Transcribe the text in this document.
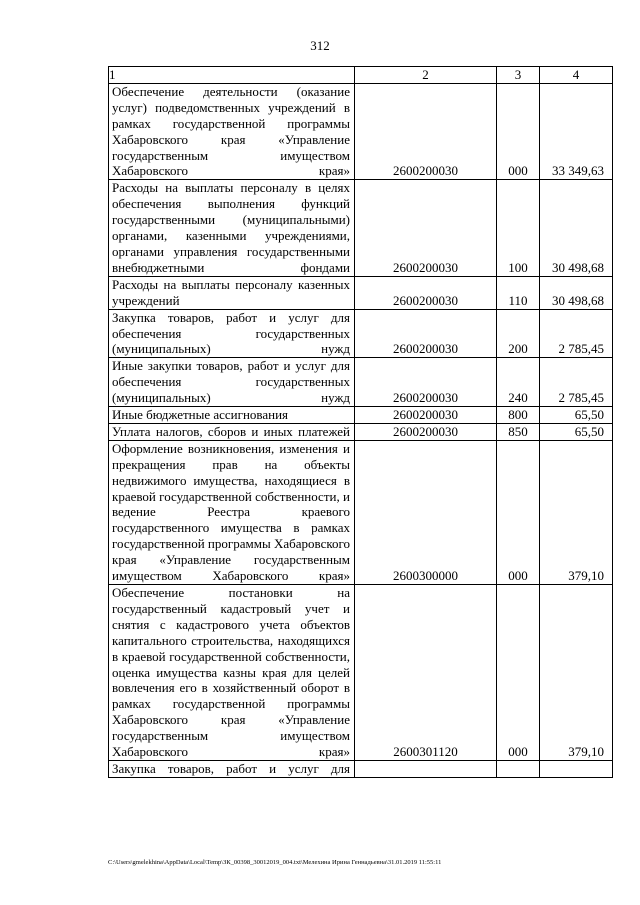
312
1	2	3	4
Обеспечение деятельности (оказание услуг) подведомственных учреждений в рамках государственной программы Хабаровского края «Управление государственным имуществом Хабаровского края»	2600200030	000	33 349,63
Расходы на выплаты персоналу в целях обеспечения выполнения функций государственными (муниципальными) органами, казенными учреждениями, органами управления государственными внебюджетными фондами	2600200030	100	30 498,68
Расходы на выплаты персоналу казенных учреждений	2600200030	110	30 498,68
Закупка товаров, работ и услуг для обеспечения государственных (муниципальных) нужд	2600200030	200	2 785,45
Иные закупки товаров, работ и услуг для обеспечения государственных (муниципальных) нужд	2600200030	240	2 785,45
Иные бюджетные ассигнования	2600200030	800	65,50
Уплата налогов, сборов и иных платежей	2600200030	850	65,50
Оформление возникновения, изменения и прекращения прав на объекты недвижимого имущества, находящиеся в краевой государственной собственности, и ведение Реестра краевого государственного имущества в рамках государственной программы Хабаровского края «Управление государственным имуществом Хабаровского края»	2600300000	000	379,10
Обеспечение постановки на государственный кадастровый учет и снятия с кадастрового учета объектов капитального строительства, находящихся в краевой государственной собственности, оценка имущества казны края для целей вовлечения его в хозяйственный оборот в рамках государственной программы Хабаровского края «Управление государственным имуществом Хабаровского края»	2600301120	000	379,10
Закупка товаров, работ и услуг для			
C:\Users\gmelekhina\AppData\Local\Temp\ЗК_00398_30012019_004.txt\Мелехина Ирина Геннадьевна\31.01.2019 11:55:11
